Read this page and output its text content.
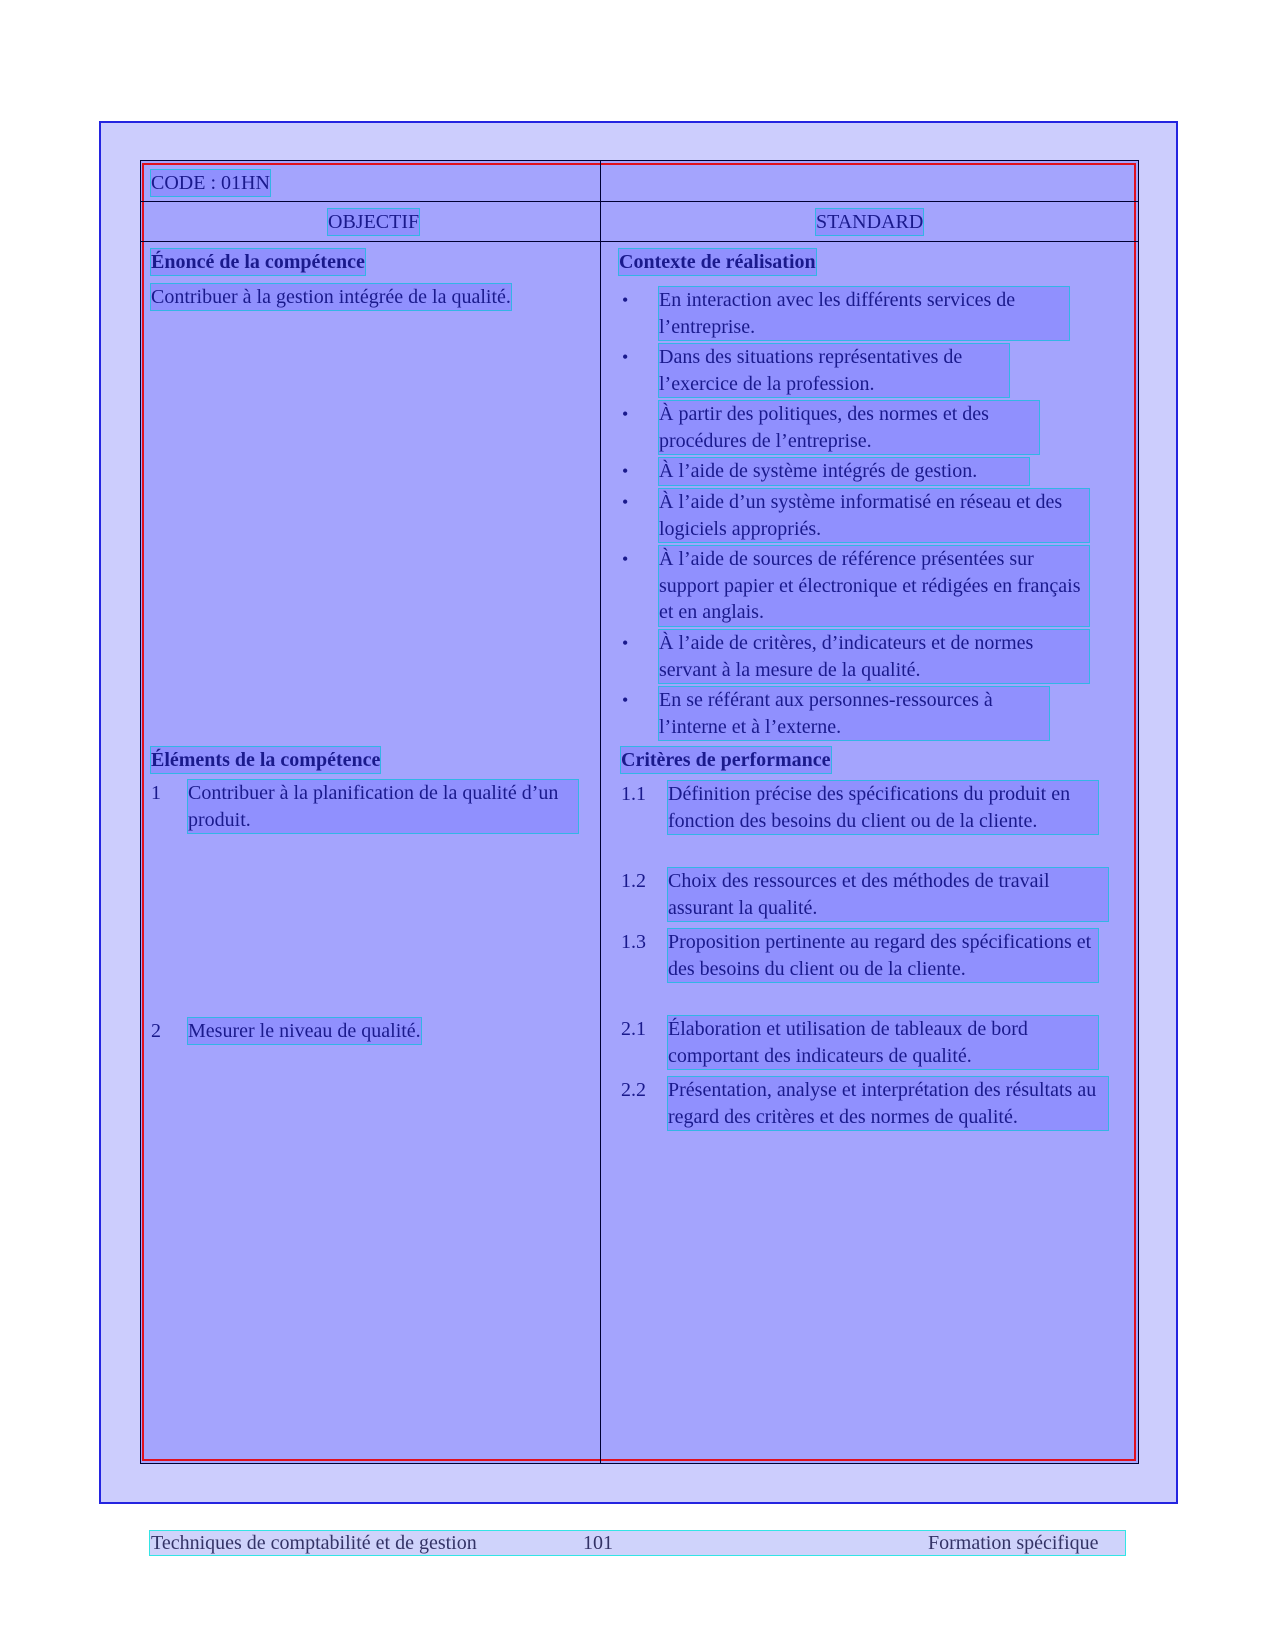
CODE : 01HN
OBJECTIF	STANDARD
Énoncé de la compétence
Contribuer à la gestion intégrée de la qualité.
Éléments de la compétence
1 Contribuer à la planification de la qualité d’un produit.
2 Mesurer le niveau de qualité.
Contexte de réalisation
• En interaction avec les différents services de l’entreprise.
• Dans des situations représentatives de l’exercice de la profession.
• À partir des politiques, des normes et des procédures de l’entreprise.
• À l’aide de système intégrés de gestion.
• À l’aide d’un système informatisé en réseau et des logiciels appropriés.
• À l’aide de sources de référence présentées sur support papier et électronique et rédigées en français et en anglais.
• À l’aide de critères, d’indicateurs et de normes servant à la mesure de la qualité.
• En se référant aux personnes-ressources à l’interne et à l’externe.
Critères de performance
1.1 Définition précise des spécifications du produit en fonction des besoins du client ou de la cliente.
1.2 Choix des ressources et des méthodes de travail assurant la qualité.
1.3 Proposition pertinente au regard des spécifications et des besoins du client ou de la cliente.
2.1 Élaboration et utilisation de tableaux de bord comportant des indicateurs de qualité.
2.2 Présentation, analyse et interprétation des résultats au regard des critères et des normes de qualité.
Techniques de comptabilité et de gestion	101	Formation spécifique
